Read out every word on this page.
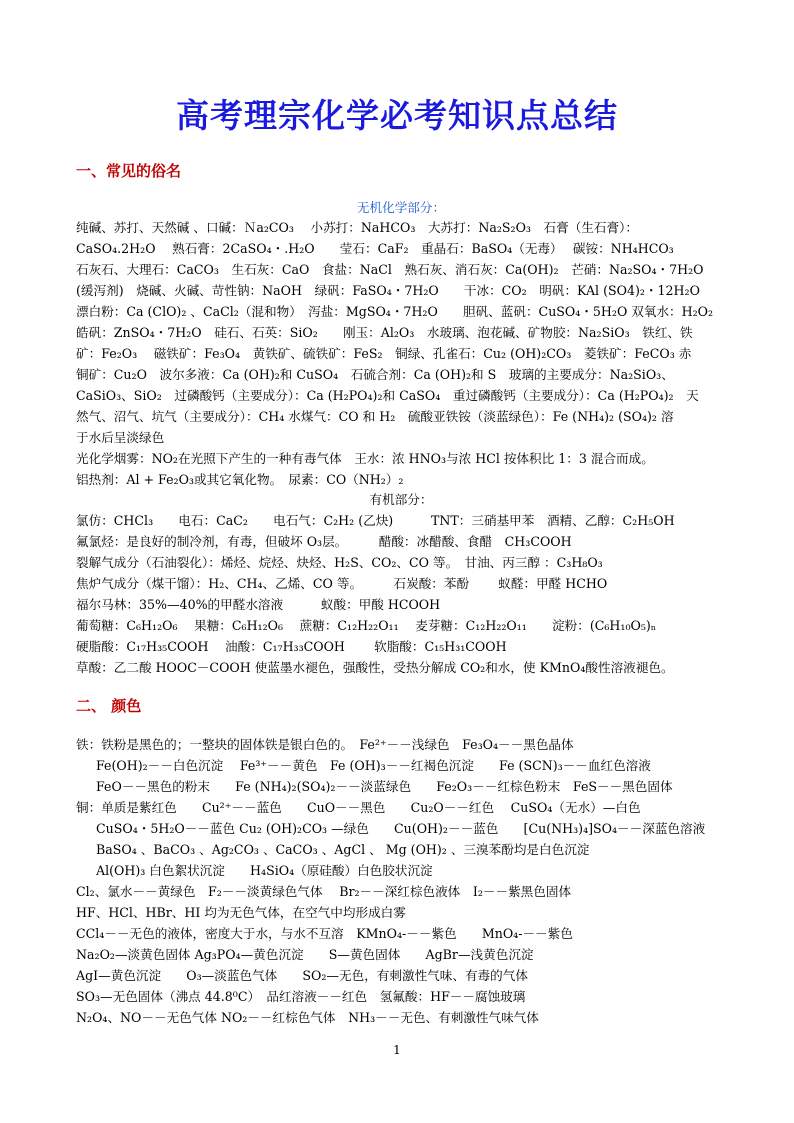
高考理宗化学必考知识点总结
一、常见的俗名
无机化学部分：
纯碱、苏打、天然碱 、口碱：Ｎa₂CO₃　 小苏打：NaHCO₃　大苏打：Na₂S₂O₃　石膏（生石膏）：
CaSO₄.2H₂O　 熟石膏：2CaSO₄・.H₂O　　莹石：CaF₂　重晶石：BaSO₄（无毒）　 碳铵：NH₄HCO₃
石灰石、大理石：CaCO₃　生石灰：CaO　食盐：NaCl　熟石灰、消石灰：Ca(OH)₂　芒硝：Na₂SO₄・7H₂O
(缓泻剂)　烧碱、火碱、苛性钠：NaOH　绿矾：FaSO₄・7H₂O　　干冰：CO₂　明矾：KAl (SO4)₂・12H₂O
漂白粉：Ca (ClO)₂ 、CaCl₂（混和物）　泻盐：MgSO₄・7H₂O　　胆矾、蓝矾：CuSO₄・5H₂O 双氧水：H₂O₂
皓矾：ZnSO₄・7H₂O　硅石、石英：SiO₂　　刚玉：Al₂O₃　水玻璃、泡花碱、矿物胶：Na₂SiO₃　铁红、铁
矿：Fe₂O₃　 磁铁矿：Fe₃O₄　黄铁矿、硫铁矿：FeS₂　铜绿、孔雀石：Cu₂ (OH)₂CO₃　菱铁矿：FeCO₃ 赤
铜矿：Cu₂O　波尔多液：Ca (OH)₂和 CuSO₄　石硫合剂：Ca (OH)₂和 S　玻璃的主要成分：Na₂SiO₃、
CaSiO₃、SiO₂　过磷酸钙（主要成分）：Ca (H₂PO₄)₂和 CaSO₄　重过磷酸钙（主要成分）：Ca (H₂PO₄)₂　天
然气、沼气、坑气（主要成分）：CH₄ 水煤气：CO 和 H₂　硫酸亚铁铵（淡蓝绿色）：Fe (NH₄)₂ (SO₄)₂ 溶
于水后呈淡绿色
光化学烟雾：NO₂在光照下产生的一种有毒气体　王水：浓 HNO₃与浓 HCl 按体积比 1：3 混合而成。
铝热剂：Al + Fe₂O₃或其它氧化物。　尿素：CO（NH₂）₂
有机部分：
氯仿：CHCl₃　　电石：CaC₂　　电石气：C₂H₂ (乙炔)　　　TNT：三硝基甲苯　酒精、乙醇：C₂H₅OH
氟氯烃：是良好的制冷剂，有毒，但破坏 O₃层。　　　醋酸：冰醋酸、食醋　CH₃COOH
裂解气成分（石油裂化）：烯烃、烷烃、炔烃、H₂S、CO₂、CO 等。　甘油、丙三醇 ：C₃H₈O₃
焦炉气成分（煤干馏）：H₂、CH₄、乙烯、CO 等。　　　石炭酸：苯酚　　 蚁醛：甲醛 HCHO
福尔马林：35%—40%的甲醛水溶液　　　蚁酸：甲酸 HCOOH
葡萄糖：C₆H₁₂O₆　 果糖：C₆H₁₂O₆　 蔗糖：C₁₂H₂₂O₁₁　 麦芽糖：C₁₂H₂₂O₁₁　　淀粉：(C₆H₁₀O₅)ₙ
硬脂酸：C₁₇H₃₅COOH　 油酸：C₁₇H₃₃COOH　　 软脂酸：C₁₅H₃₁COOH
草酸：乙二酸 HOOC－COOH 使蓝墨水褪色，强酸性，受热分解成 CO₂和水，使 KMnO₄酸性溶液褪色。
二、 颜色
铁：铁粉是黑色的；一整块的固体铁是银白色的。　Fe²⁺－－浅绿色　Fe₃O₄－－黑色晶体
Fe(OH)₂－－白色沉淀　 Fe³⁺－－黄色　Fe (OH)₃－－红褐色沉淀　　Fe (SCN)₃－－血红色溶液
FeO－－黑色的粉末　　Fe (NH₄)₂(SO₄)₂－－淡蓝绿色　　Fe₂O₃－－红棕色粉末　FeS－－黑色固体
铜：单质是紫红色　　Cu²⁺－－蓝色　　CuO－－黑色　　Cu₂O－－红色　 CuSO₄（无水）—白色
CuSO₄・5H₂O－－蓝色 Cu₂ (OH)₂CO₃ —绿色　　Cu(OH)₂－－蓝色　　[Cu(NH₃)₄]SO₄－－深蓝色溶液
BaSO₄ 、BaCO₃ 、Ag₂CO₃ 、CaCO₃ 、AgCl 、 Mg (OH)₂ 、三溴苯酚均是白色沉淀
Al(OH)₃ 白色絮状沉淀　　H₄SiO₄（原硅酸）白色胶状沉淀
Cl₂、氯水－－黄绿色　F₂－－淡黄绿色气体　 Br₂－－深红棕色液体　I₂－－紫黑色固体
HF、HCl、HBr、HI 均为无色气体，在空气中均形成白雾
CCl₄－－无色的液体，密度大于水，与水不互溶　KMnO₄-－－紫色　　MnO₄-－－紫色
Na₂O₂—淡黄色固体 Ag₃PO₄—黄色沉淀　　S—黄色固体　　AgBr—浅黄色沉淀
AgI—黄色沉淀　　O₃—淡蓝色气体　　SO₂—无色，有刺激性气味、有毒的气体
SO₃—无色固体（沸点 44.8⁰C）　品红溶液－－红色　氢氟酸：HF－－腐蚀玻璃
N₂O₄、NO－－无色气体 NO₂－－红棕色气体　NH₃－－无色、有刺激性气味气体
1
